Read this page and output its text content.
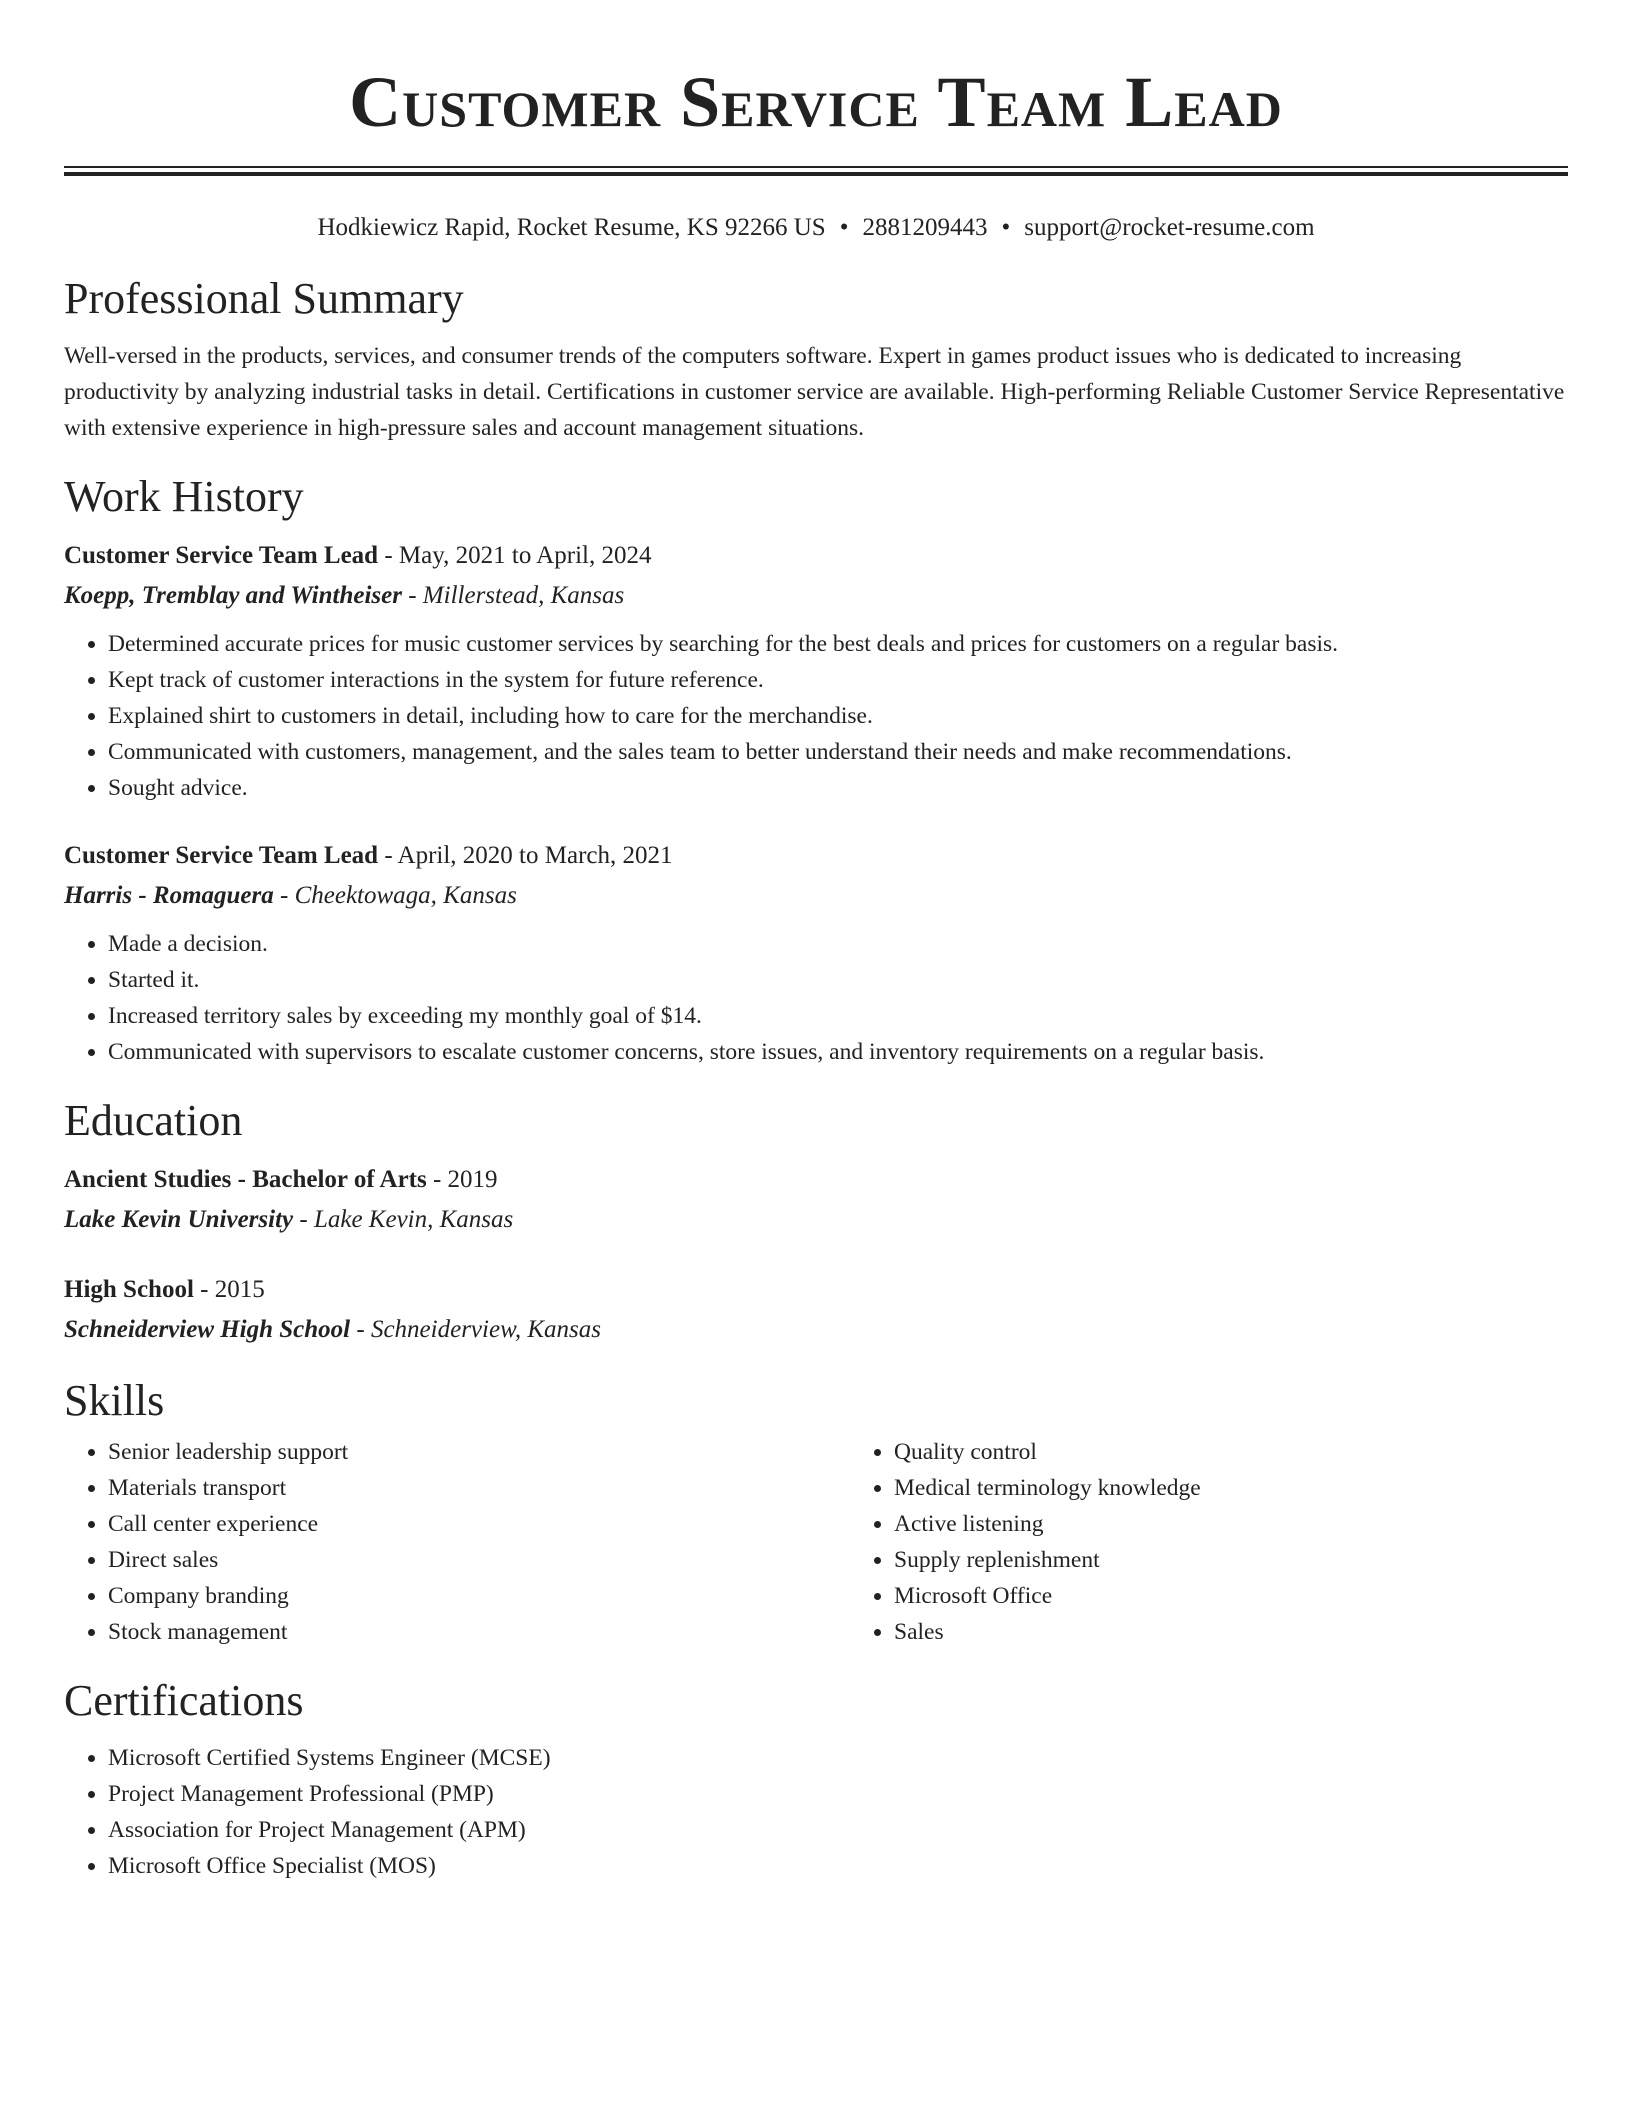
Customer Service Team Lead
Hodkiewicz Rapid, Rocket Resume, KS 92266 US • 2881209443 • support@rocket-resume.com
Professional Summary

Well-versed in the products, services, and consumer trends of the computers software. Expert in games product issues who is dedicated to increasing productivity by analyzing industrial tasks in detail. Certifications in customer service are available. High-performing Reliable Customer Service Representative with extensive experience in high-pressure sales and account management situations.

Work History
Customer Service Team Lead - May, 2021 to April, 2024
Koepp, Tremblay and Wintheiser - Millerstead, Kansas
• Determined accurate prices for music customer services by searching for the best deals and prices for customers on a regular basis.
• Kept track of customer interactions in the system for future reference.
• Explained shirt to customers in detail, including how to care for the merchandise.
• Communicated with customers, management, and the sales team to better understand their needs and make recommendations.
• Sought advice.
Customer Service Team Lead - April, 2020 to March, 2021
Harris - Romaguera - Cheektowaga, Kansas
• Made a decision.
• Started it.
• Increased territory sales by exceeding my monthly goal of $14.
• Communicated with supervisors to escalate customer concerns, store issues, and inventory requirements on a regular basis.
Education
Ancient Studies - Bachelor of Arts - 2019
Lake Kevin University - Lake Kevin, Kansas
High School - 2015
Schneiderview High School - Schneiderview, Kansas
Skills
• Senior leadership support
• Materials transport
• Call center experience
• Direct sales
• Company branding
• Stock management
• Quality control
• Medical terminology knowledge
• Active listening
• Supply replenishment
• Microsoft Office
• Sales
Certifications
• Microsoft Certified Systems Engineer (MCSE)
• Project Management Professional (PMP)
• Association for Project Management (APM)
• Microsoft Office Specialist (MOS)
